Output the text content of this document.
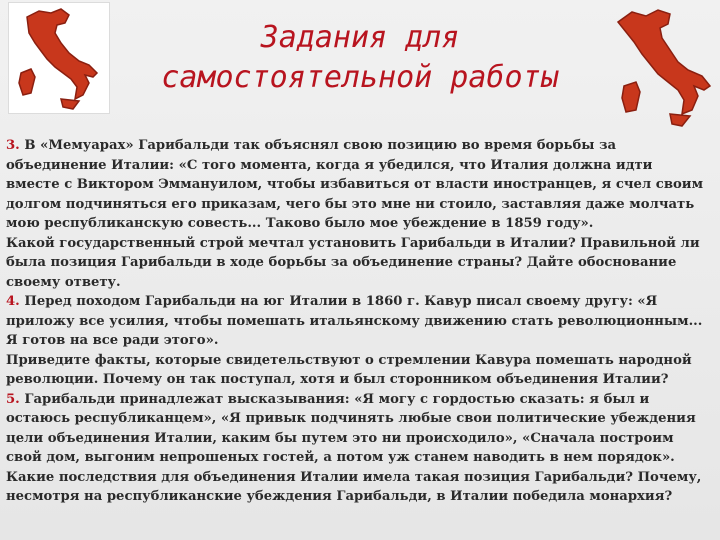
Задания для
самостоятельной работы

3. В «Мемуарах» Гарибальди так объяснял свою позицию во время борьбы за объединение Италии: «С того момента, когда я убедился, что Италия должна идти вместе с Виктором Эммануилом, чтобы избавиться от власти иностранцев, я счел своим долгом подчиняться его приказам, чего бы это мне ни стоило, заставляя даже молчать мою республиканскую совесть... Таково было мое убеждение в 1859 году».

Какой государственный строй мечтал установить Гарибальди в Италии? Правильной ли была позиция Гарибальди в ходе борьбы за объединение страны? Дайте обоснование своему ответу.

4. Перед походом Гарибальди на юг Италии в 1860 г. Кавур писал своему другу: «Я приложу все усилия, чтобы помешать итальянскому движению стать революционным... Я готов на все ради этого».

Приведите факты, которые свидетельствуют о стремлении Кавура помешать народной революции. Почему он так поступал, хотя и был сторонником объединения Италии?

5. Гарибальди принадлежат высказывания: «Я могу с гордостью сказать: я был и остаюсь республиканцем», «Я привык подчинять любые свои политические убеждения цели объединения Италии, каким бы путем это ни происходило», «Сначала построим свой дом, выгоним непрошеных гостей, а потом уж станем наводить в нем порядок».

Какие последствия для объединения Италии имела такая позиция Гарибальди? Почему, несмотря на республиканские убеждения Гарибальди, в Италии победила монархия?
